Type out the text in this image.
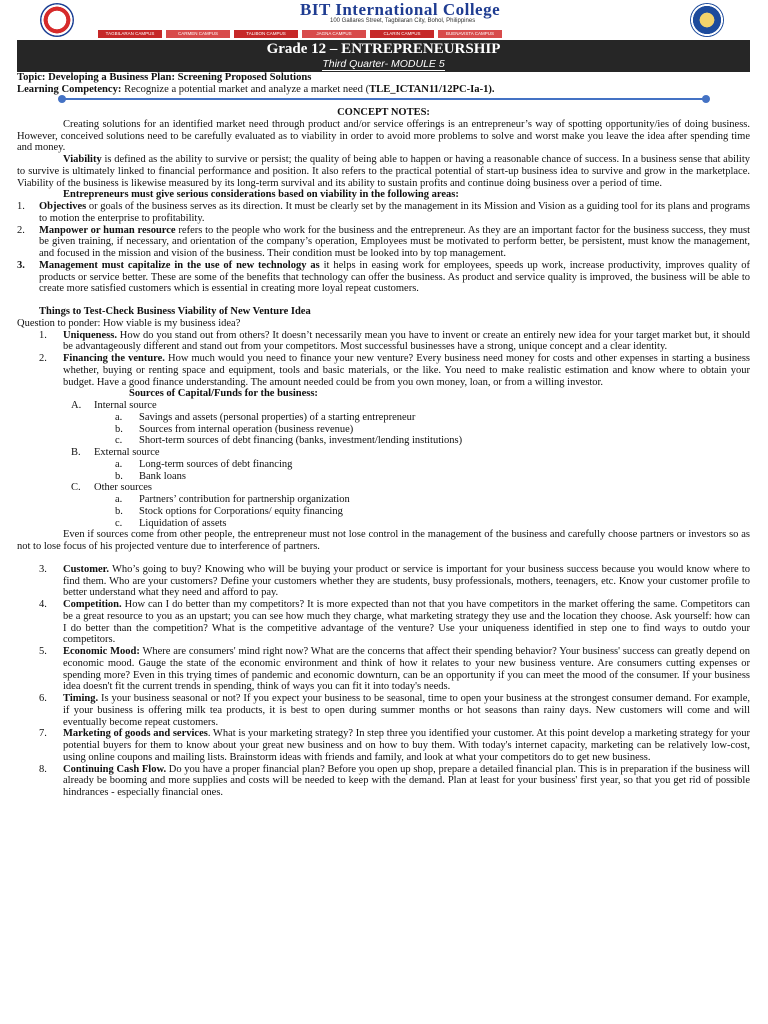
BIT International College
100 Gallares Street, Tagbilaran City, Bohol, Philippines
TAGBILARAN CAMPUS	CARMEN CAMPUS	TALIBON CAMPUS	JAGNA CAMPUS	CLARIN CAMPUS	BUENAVISTA CAMPUS
Grade 12 – ENTREPRENEURSHIP
Third Quarter- MODULE 5
Topic: Developing a Business Plan: Screening Proposed Solutions
Learning Competency: Recognize a potential market and analyze a market need (TLE_ICTAN11/12PC-Ia-1).

CONCEPT NOTES:

Creating solutions for an identified market need through product and/or service offerings is an entrepreneur’s way of spotting opportunity/ies of doing business. However, conceived solutions need to be carefully evaluated as to viability in order to avoid more problems to solve and worst make you leave the idea after spending time and money.

Viability is defined as the ability to survive or persist; the quality of being able to happen or having a reasonable chance of success. In a business sense that ability to survive is ultimately linked to financial performance and position. It also refers to the practical potential of start-up business idea to survive and grow in the marketplace. Viability of the business is likewise measured by its long-term survival and its ability to sustain profits and continue doing business over a period of time.

Entrepreneurs must give serious considerations based on viability in the following areas:

1. Objectives or goals of the business serves as its direction. It must be clearly set by the management in its Mission and Vision as a guiding tool for its plans and programs to motion the enterprise to profitability.
2. Manpower or human resource refers to the people who work for the business and the entrepreneur. As they are an important factor for the business success, they must be given training, if necessary, and orientation of the company’s operation, Employees must be motivated to perform better, be persistent, must know the management, and focused in the mission and vision of the business. Their condition must be looked into by top management.
3. Management must capitalize in the use of new technology as it helps in easing work for employees, speeds up work, increase productivity, improves quality of products or service better. These are some of the benefits that technology can offer the business. As product and service quality is improved, the business will be able to create more satisfied customers which is essential in creating more loyal repeat customers.

Things to Test-Check Business Viability of New Venture Idea

Question to ponder: How viable is my business idea?

1. Uniqueness. How do you stand out from others? It doesn’t necessarily mean you have to invent or create an entirely new idea for your target market but, it should be advantageously different and stand out from your competitors. Most successful businesses have a strong, unique concept and a clear identity.
2. Financing the venture. How much would you need to finance your new venture? Every business need money for costs and other expenses in starting a business whether, buying or renting space and equipment, tools and basic materials, or the like. You need to make realistic estimation and know where to obtain your budget. Have a good finance understanding. The amount needed could be from you own money, loan, or from a willing investor.

Sources of Capital/Funds for the business:

A. Internal source
a. Savings and assets (personal properties) of a starting entrepreneur
b. Sources from internal operation (business revenue)
c. Short-term sources of debt financing (banks, investment/lending institutions)
B. External source
a. Long-term sources of debt financing
b. Bank loans
C. Other sources
a. Partners’ contribution for partnership organization
b. Stock options for Corporations/ equity financing
c. Liquidation of assets

Even if sources come from other people, the entrepreneur must not lose control in the management of the business and carefully choose partners or investors so as not to lose focus of his projected venture due to interference of partners.

3. Customer. Who’s going to buy? Knowing who will be buying your product or service is important for your business success because you would know where to find them. Who are your customers? Define your customers whether they are students, busy professionals, mothers, teenagers, etc. Know your customer profile to better understand what they need and afford to pay.
4. Competition. How can I do better than my competitors? It is more expected than not that you have competitors in the market offering the same. Competitors can be a great resource to you as an upstart; you can see how much they charge, what marketing strategy they use and the location they choose. Ask yourself: how can I do better than the competition? What is the competitive advantage of the venture? Use your uniqueness identified in step one to find ways to outdo your competitors.
5. Economic Mood: Where are consumers' mind right now? What are the concerns that affect their spending behavior? Your business' success can greatly depend on economic mood. Gauge the state of the economic environment and think of how it relates to your new business venture. Are consumers cutting expenses or spending more? Even in this trying times of pandemic and economic downturn, can be an opportunity if you can meet the mood of the consumer. If your business idea doesn't fit the current trends in spending, think of ways you can fit it into today's needs.
6. Timing. Is your business seasonal or not? If you expect your business to be seasonal, time to open your business at the strongest consumer demand. For example, if your business is offering milk tea products, it is best to open during summer months or hot seasons than rainy days. New customers will come and will eventually become repeat customers.
7. Marketing of goods and services. What is your marketing strategy? In step three you identified your customer. At this point develop a marketing strategy for your potential buyers for them to know about your great new business and on how to buy them. With today's internet capacity, marketing can be relatively low-cost, using online coupons and mailing lists. Brainstorm ideas with friends and family, and look at what your competitors do to get new business.
8. Continuing Cash Flow. Do you have a proper financial plan? Before you open up shop, prepare a detailed financial plan. This is in preparation if the business will already be booming and more supplies and costs will be needed to keep with the demand. Plan at least for your business' first year, so that you get rid of possible hindrances - especially financial ones.
